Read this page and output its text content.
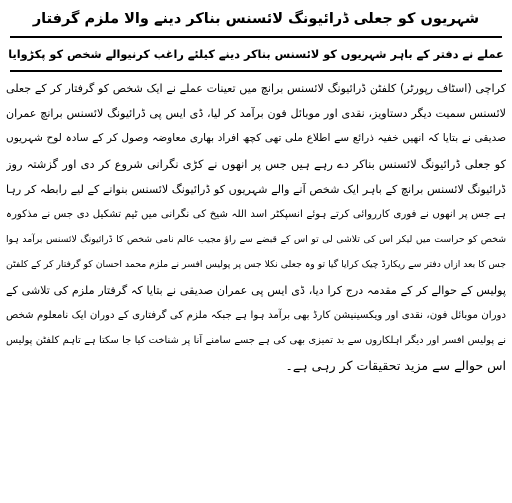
شہریوں کو جعلی ڈرائیونگ لائسنس بناکر دینے والا ملزم گرفتار
عملے نے دفتر کے باہر شہریوں کو لائسنس بناکر دینے کیلئے راغب کرنیوالے شخص کو پکڑوایا
کراچی (اسٹاف رپورٹر) کلفٹن ڈرائیونگ لائسنس برانچ میں تعینات عملے نے ایک شخص کو گرفتار کر کے جعلی
لائسنس سمیت دیگر دستاویز، نقدی اور موبائل فون برآمد کر لیا، ڈی ایس پی ڈرائیونگ لائسنس برانچ عمران
صدیقی نے بتایا کہ انھیں خفیہ ذرائع سے اطلاع ملی تھی کچھ افراد بھاری معاوضہ وصول کر کے سادہ لوح شہریوں
کو جعلی ڈرائیونگ لائسنس بناکر دے رہے ہیں جس پر انھوں نے کڑی نگرانی شروع کر دی اور گزشتہ روز
ڈرائیونگ لائسنس برانچ کے باہر ایک شخص آنے والے شہریوں کو ڈرائیونگ لائسنس بنوانے کے لیے رابطہ کر رہا
ہے جس پر انھوں نے فوری کارروائی کرتے ہوئے انسپکٹر اسد اللہ شیخ کی نگرانی میں ٹیم تشکیل دی جس نے مذکورہ
شخص کو حراست میں لیکر اس کی تلاشی لی تو اس کے قبضے سے راؤ مجیب عالم نامی شخص کا ڈرائیونگ لائسنس برآمد ہوا
جس کا بعد ازاں دفتر سے ریکارڈ چیک کرایا گیا تو وہ جعلی نکلا جس پر پولیس افسر نے ملزم محمد احسان کو گرفتار کر کے کلفٹن
پولیس کے حوالے کر کے مقدمہ درج کرا دیا، ڈی ایس پی عمران صدیقی نے بتایا کہ گرفتار ملزم کی تلاشی کے
دوران موبائل فون، نقدی اور ویکسینیشن کارڈ بھی برآمد ہوا ہے جبکہ ملزم کی گرفتاری کے دوران ایک نامعلوم شخص
نے پولیس افسر اور دیگر اہلکاروں سے بد تمیزی بھی کی ہے جسے سامنے آنا پر شناخت کیا جا سکتا ہے تاہم کلفٹن پولیس
اس حوالے سے مزید تحقیقات کر رہی ہے۔
